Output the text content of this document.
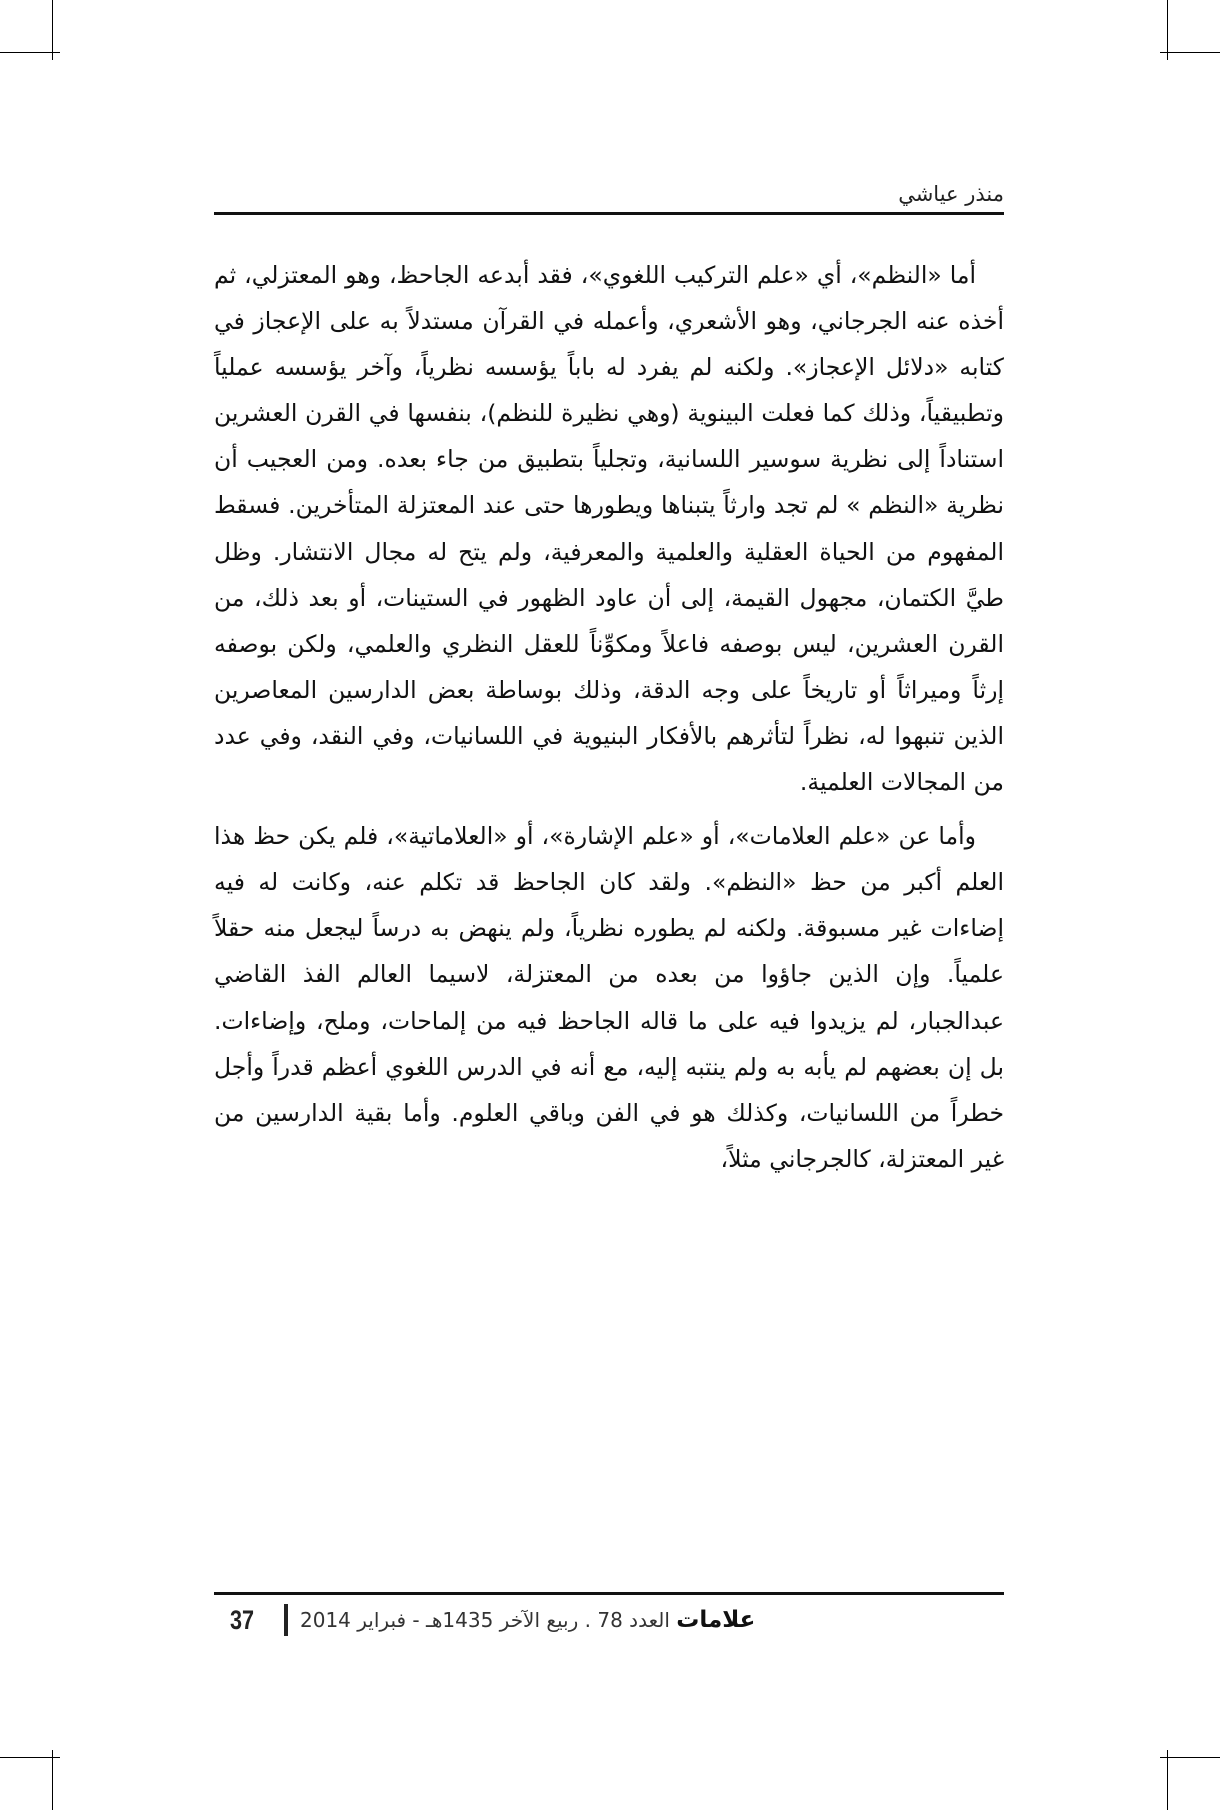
منذر عياشي

أما «النظم»، أي «علم التركيب اللغوي»، فقد أبدعه الجاحظ، وهو المعتزلي، ثم أخذه عنه الجرجاني، وهو الأشعري، وأعمله في القرآن مستدلاً به على الإعجاز في كتابه «دلائل الإعجاز». ولكنه لم يفرد له باباً يؤسسه نظرياً، وآخر يؤسسه عملياً وتطبيقياً، وذلك كما فعلت البينوية (وهي نظيرة للنظم)، بنفسها في القرن العشرين استناداً إلى نظرية سوسير اللسانية، وتجلياً بتطبيق من جاء بعده. ومن العجيب أن نظرية «النظم » لم تجد وارثاً يتبناها ويطورها حتى عند المعتزلة المتأخرين. فسقط المفهوم من الحياة العقلية والعلمية والمعرفية، ولم يتح له مجال الانتشار. وظل طيَّ الكتمان، مجهول القيمة، إلى أن عاود الظهور في الستينات، أو بعد ذلك، من القرن العشرين، ليس بوصفه فاعلاً ومكوِّناً للعقل النظري والعلمي، ولكن بوصفه إرثاً وميراثاً أو تاريخاً على وجه الدقة، وذلك بوساطة بعض الدارسين المعاصرين الذين تنبهوا له، نظراً لتأثرهم بالأفكار البنيوية في اللسانيات، وفي النقد، وفي عدد من المجالات العلمية.

وأما عن «علم العلامات»، أو «علم الإشارة»، أو «العلاماتية»، فلم يكن حظ هذا العلم أكبر من حظ «النظم». ولقد كان الجاحظ قد تكلم عنه، وكانت له فيه إضاءات غير مسبوقة. ولكنه لم يطوره نظرياً، ولم ينهض به درساً ليجعل منه حقلاً علمياً. وإن الذين جاؤوا من بعده من المعتزلة، لاسيما العالم الفذ القاضي عبدالجبار، لم يزيدوا فيه على ما قاله الجاحظ فيه من إلماحات، وملح، وإضاءات. بل إن بعضهم لم يأبه به ولم ينتبه إليه، مع أنه في الدرس اللغوي أعظم قدراً وأجل خطراً من اللسانيات، وكذلك هو في الفن وباقي العلوم. وأما بقية الدارسين من غير المعتزلة، كالجرجاني مثلاً،

37	علامات العدد 78 . ربيع الآخر 1435هـ - فبراير 2014
